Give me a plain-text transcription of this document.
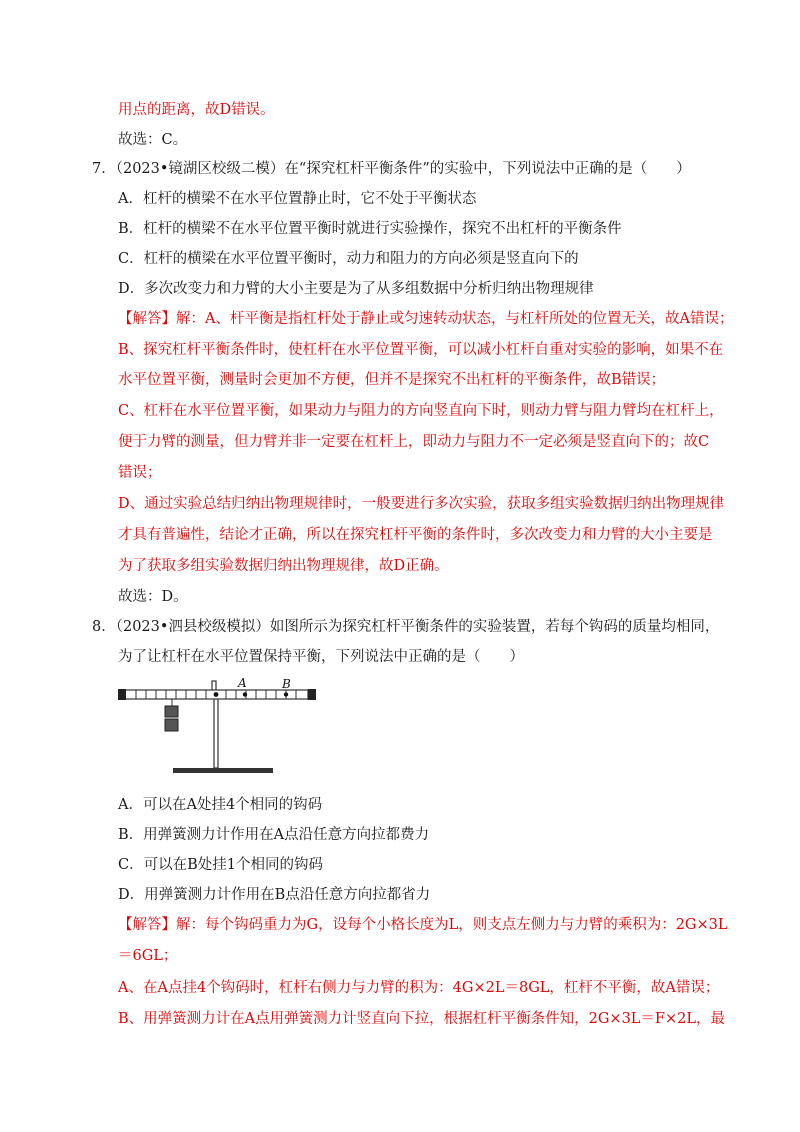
用点的距离，故D错误。
故选：C。
7．（2023•镜湖区校级二模）在“探究杠杆平衡条件”的实验中，下列说法中正确的是（　　）
A．杠杆的横梁不在水平位置静止时，它不处于平衡状态
B．杠杆的横梁不在水平位置平衡时就进行实验操作，探究不出杠杆的平衡条件
C．杠杆的横梁在水平位置平衡时，动力和阻力的方向必须是竖直向下的
D．多次改变力和力臂的大小主要是为了从多组数据中分析归纳出物理规律
【解答】解：A、杆平衡是指杠杆处于静止或匀速转动状态，与杠杆所处的位置无关，故A错误；
B、探究杠杆平衡条件时，使杠杆在水平位置平衡，可以减小杠杆自重对实验的影响，如果不在
水平位置平衡，测量时会更加不方便，但并不是探究不出杠杆的平衡条件，故B错误；
C、杠杆在水平位置平衡，如果动力与阻力的方向竖直向下时，则动力臂与阻力臂均在杠杆上，
便于力臂的测量，但力臂并非一定要在杠杆上，即动力与阻力不一定必须是竖直向下的；故C
错误；
D、通过实验总结归纳出物理规律时，一般要进行多次实验，获取多组实验数据归纳出物理规律
才具有普遍性，结论才正确，所以在探究杠杆平衡的条件时，多次改变力和力臂的大小主要是
为了获取多组实验数据归纳出物理规律，故D正确。
故选：D。
8．（2023•泗县校级模拟）如图所示为探究杠杆平衡条件的实验装置，若每个钩码的质量均相同，
为了让杠杆在水平位置保持平衡，下列说法中正确的是（　　）
A	B
A．可以在A处挂4个相同的钩码
B．用弹簧测力计作用在A点沿任意方向拉都费力
C．可以在B处挂1个相同的钩码
D．用弹簧测力计作用在B点沿任意方向拉都省力
【解答】解：每个钩码重力为G，设每个小格长度为L，则支点左侧力与力臂的乘积为：2G×3L
＝6GL；
A、在A点挂4个钩码时，杠杆右侧力与力臂的积为：4G×2L＝8GL，杠杆不平衡，故A错误；
B、用弹簧测力计在A点用弹簧测力计竖直向下拉，根据杠杆平衡条件知，2G×3L＝F×2L，最
